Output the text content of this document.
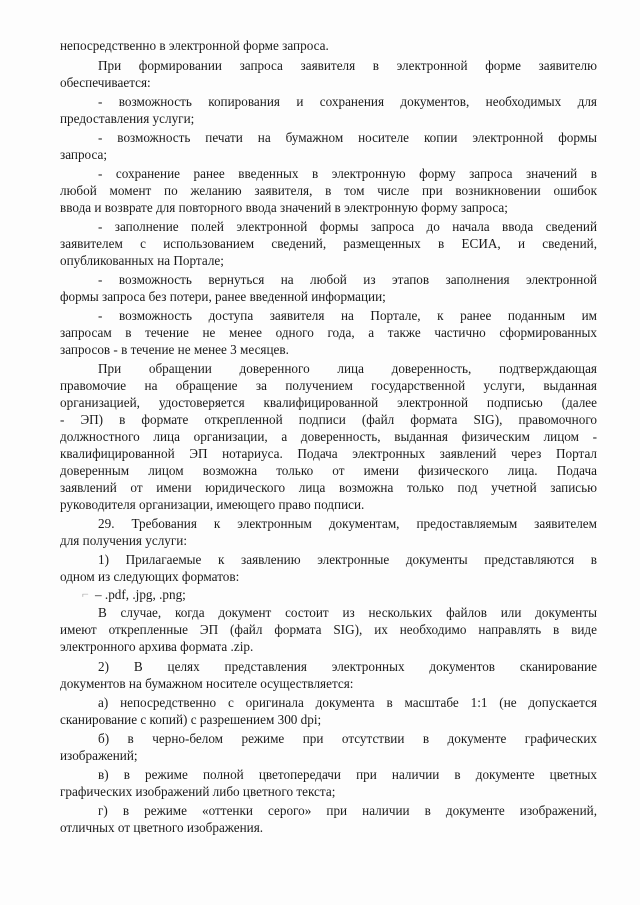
непосредственно в электронной форме запроса.
При формировании запроса заявителя в электронной форме заявителю
обеспечивается:
- возможность копирования и сохранения документов, необходимых для
предоставления услуги;
- возможность печати на бумажном носителе копии электронной формы
запроса;
- сохранение ранее введенных в электронную форму запроса значений в
любой момент по желанию заявителя, в том числе при возникновении ошибок
ввода и возврате для повторного ввода значений в электронную форму запроса;
- заполнение полей электронной формы запроса до начала ввода сведений
заявителем с использованием сведений, размещенных в ЕСИА, и сведений,
опубликованных на Портале;
- возможность вернуться на любой из этапов заполнения электронной
формы запроса без потери, ранее введенной информации;
- возможность доступа заявителя на Портале, к ранее поданным им
запросам в течение не менее одного года, а также частично сформированных
запросов - в течение не менее 3 месяцев.
При обращении доверенного лица доверенность, подтверждающая
правомочие на обращение за получением государственной услуги, выданная
организацией, удостоверяется квалифицированной электронной подписью (далее
- ЭП) в формате открепленной подписи (файл формата SIG), правомочного
должностного лица организации, а доверенность, выданная физическим лицом -
квалифицированной ЭП нотариуса. Подача электронных заявлений через Портал
доверенным лицом возможна только от имени физического лица. Подача
заявлений от имени юридического лица возможна только под учетной записью
руководителя организации, имеющего право подписи.
29. Требования к электронным документам, предоставляемым заявителем
для получения услуги:
1) Прилагаемые к заявлению электронные документы представляются в
одном из следующих форматов:
– .pdf, .jpg, .png;
В случае, когда документ состоит из нескольких файлов или документы
имеют открепленные ЭП (файл формата SIG), их необходимо направлять в виде
электронного архива формата .zip.
2) В целях представления электронных документов сканирование
документов на бумажном носителе осуществляется:
а) непосредственно с оригинала документа в масштабе 1:1 (не допускается
сканирование с копий) с разрешением 300 dpi;
б) в черно-белом режиме при отсутствии в документе графических
изображений;
в) в режиме полной цветопередачи при наличии в документе цветных
графических изображений либо цветного текста;
г) в режиме «оттенки серого» при наличии в документе изображений,
отличных от цветного изображения.
⌐
